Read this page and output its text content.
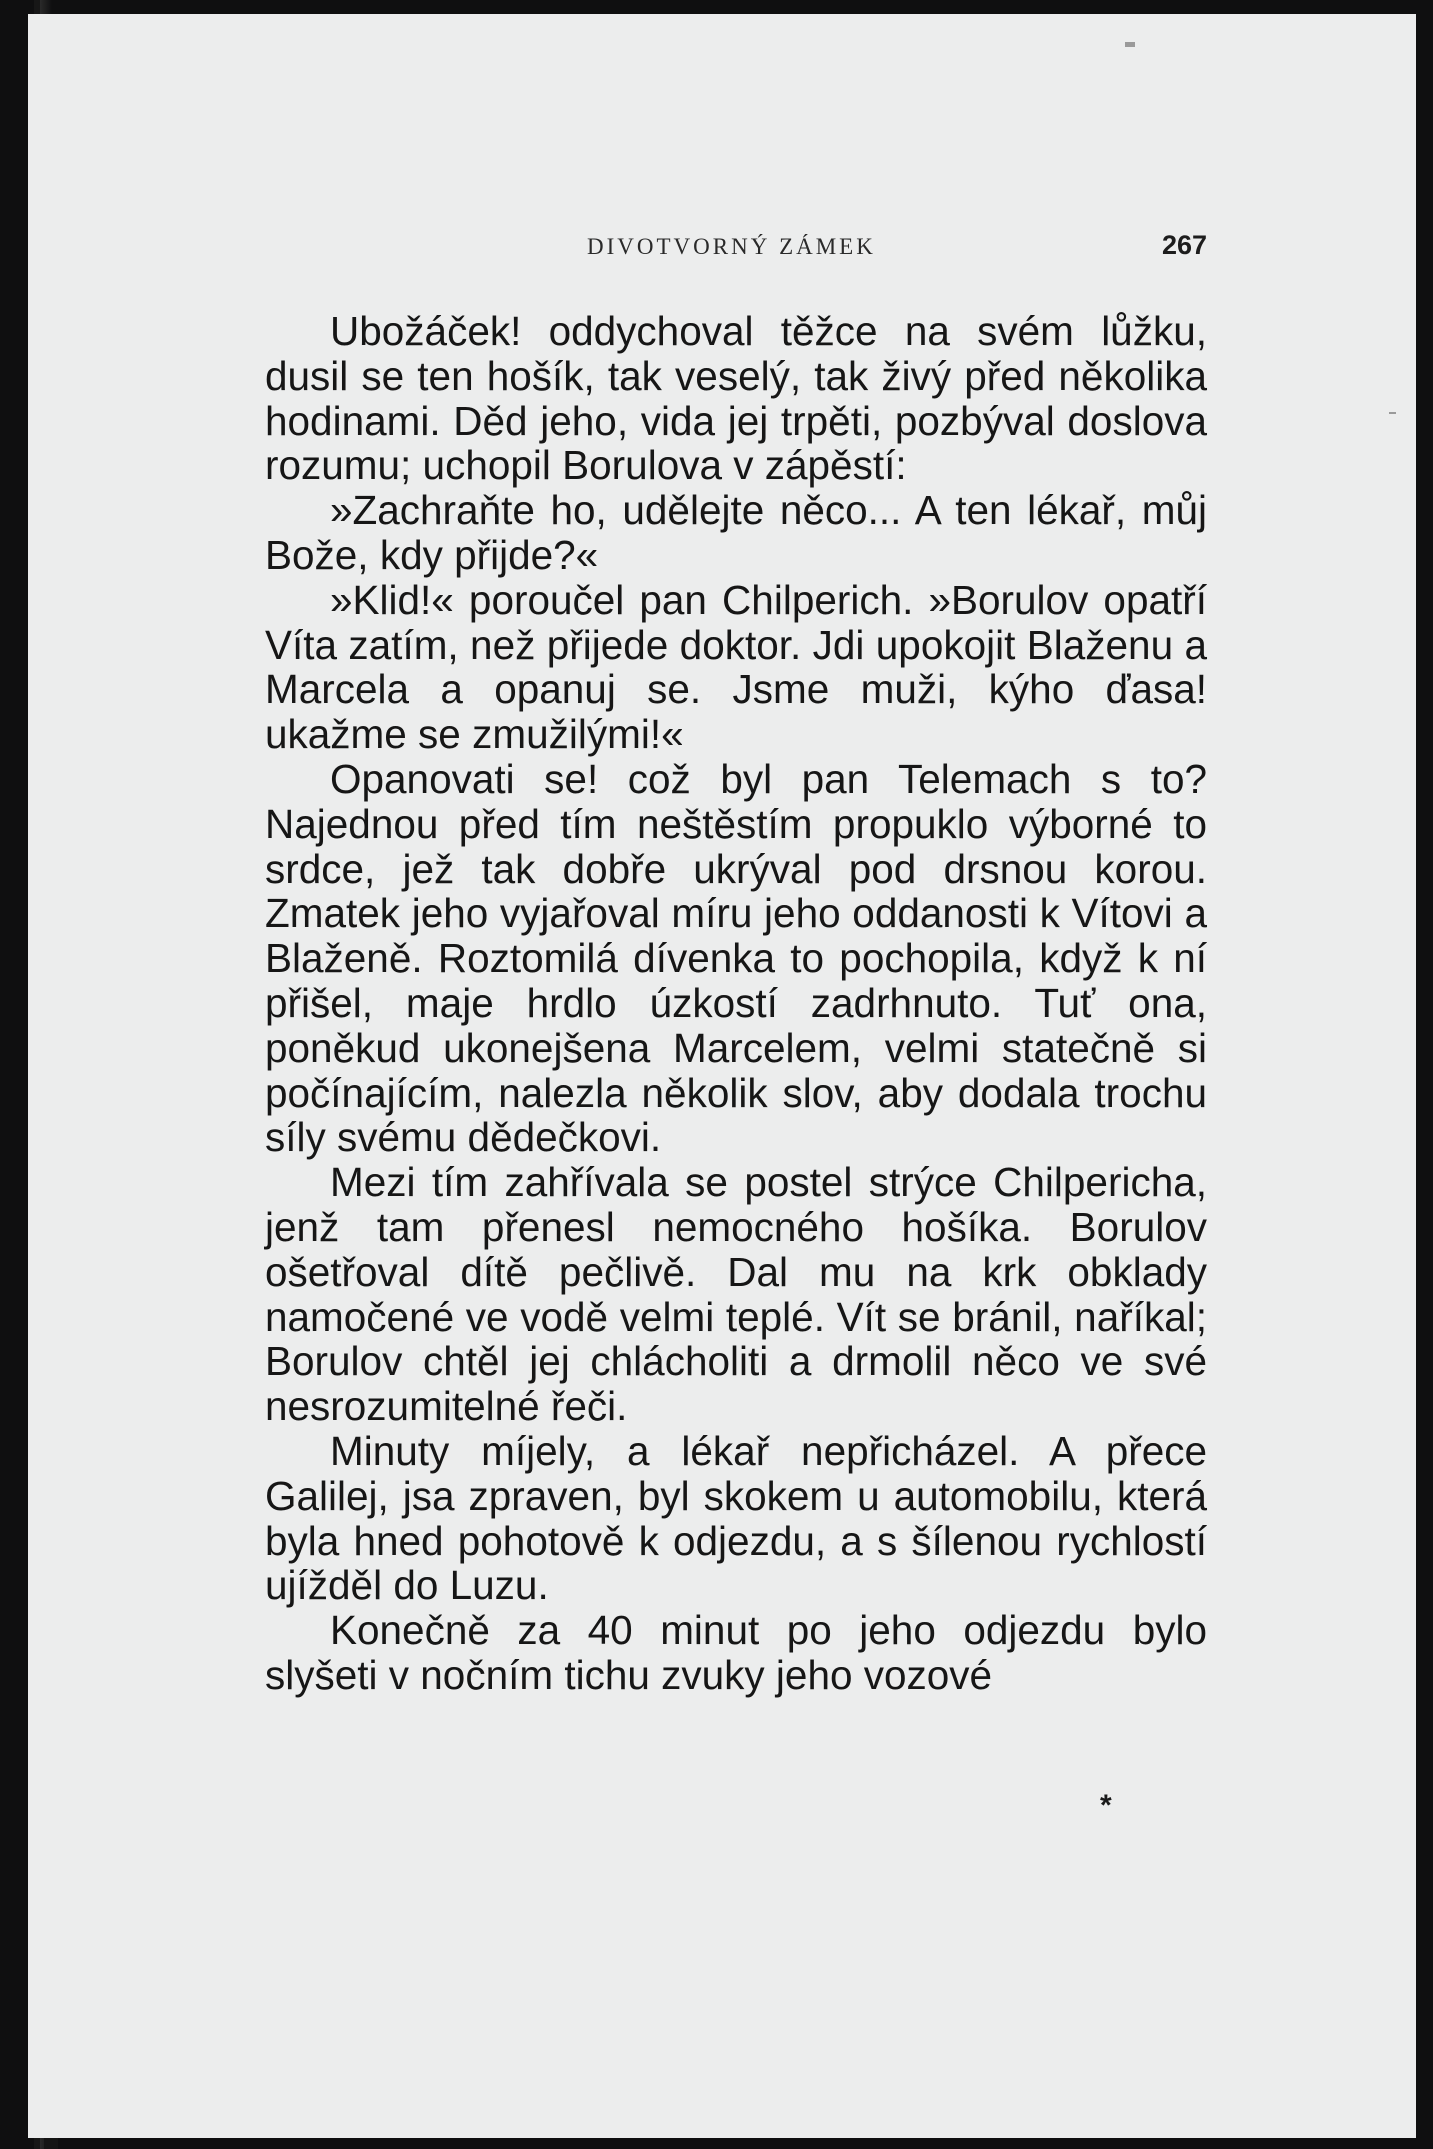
DIVOTVORNÝ ZÁMEK	267

Ubožáček! oddychoval těžce na svém lůžku, dusil se ten hošík, tak veselý, tak živý před několika hodinami. Děd jeho, vida jej trpěti, pozbýval doslova rozumu; uchopil Borulova v zápěstí:

»Zachraňte ho, udělejte něco... A ten lékař, můj Bože, kdy přijde?«

»Klid!« poroučel pan Chilperich. »Borulov opatří Víta zatím, než přijede doktor. Jdi upokojit Blaženu a Marcela a opanuj se. Jsme muži, kýho ďasa! ukažme se zmužilými!«

Opanovati se! což byl pan Telemach s to? Najednou před tím neštěstím propuklo výborné to srdce, jež tak dobře ukrýval pod drsnou korou. Zmatek jeho vyjařoval míru jeho oddanosti k Vítovi a Blaženě. Roztomilá dívenka to pochopila, když k ní přišel, maje hrdlo úzkostí zadrhnuto. Tuť ona, poněkud ukonejšena Marcelem, velmi statečně si počínajícím, nalezla několik slov, aby dodala trochu síly svému dědečkovi.

Mezi tím zahřívala se postel strýce Chilpericha, jenž tam přenesl nemocného hošíka. Borulov ošetřoval dítě pečlivě. Dal mu na krk obklady namočené ve vodě velmi teplé. Vít se bránil, naříkal; Borulov chtěl jej chlácholiti a drmolil něco ve své nesrozumitelné řeči.

Minuty míjely, a lékař nepřicházel. A přece Galilej, jsa zpraven, byl skokem u automobilu, která byla hned pohotově k odjezdu, a s šílenou rychlostí ujížděl do Luzu.

Konečně za 40 minut po jeho odjezdu bylo slyšeti v nočním tichu zvuky jeho vozové

*
